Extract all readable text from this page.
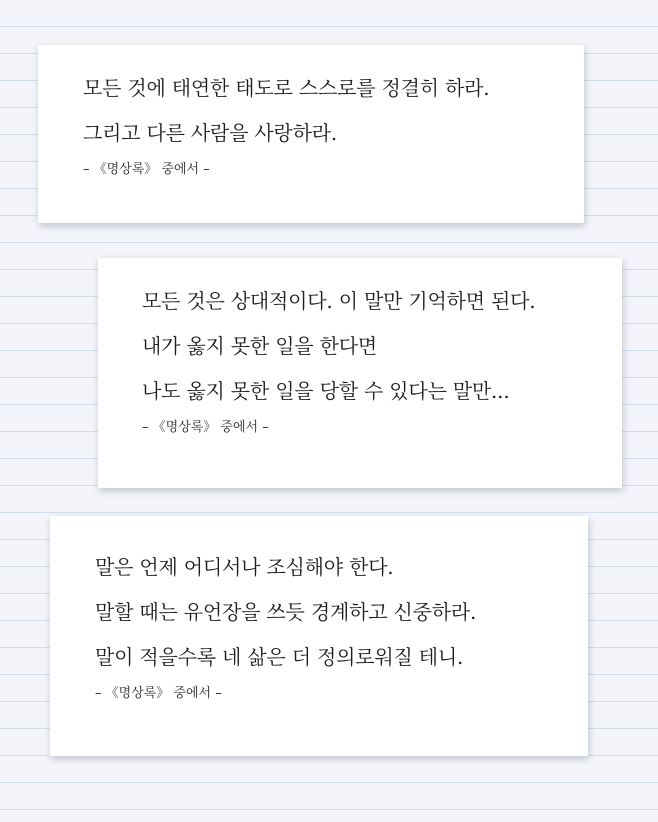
모든 것에 태연한 태도로 스스로를 정결히 하라.
그리고 다른 사람을 사랑하라.
– 《명상록》 중에서 –
모든 것은 상대적이다. 이 말만 기억하면 된다.
내가 옳지 못한 일을 한다면
나도 옳지 못한 일을 당할 수 있다는 말만...
– 《명상록》 중에서 –
말은 언제 어디서나 조심해야 한다.
말할 때는 유언장을 쓰듯 경계하고 신중하라.
말이 적을수록 네 삶은 더 정의로워질 테니.
– 《명상록》 중에서 –
